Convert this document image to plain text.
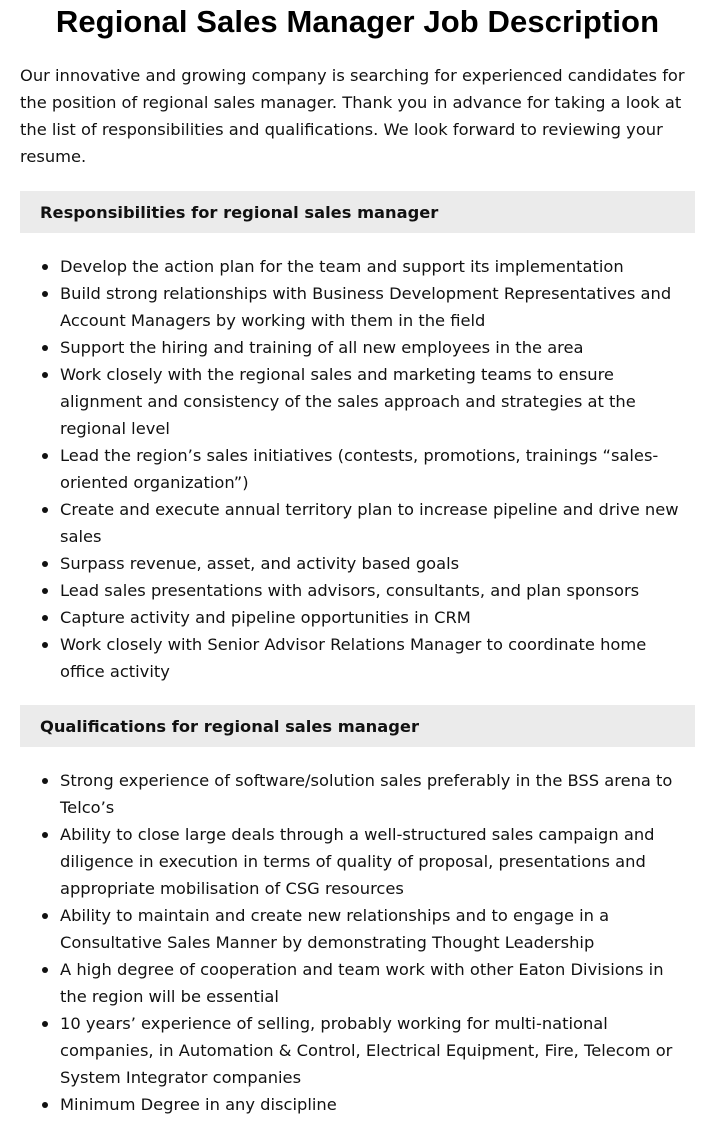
Regional Sales Manager Job Description

Our innovative and growing company is searching for experienced candidates for the position of regional sales manager. Thank you in advance for taking a look at the list of responsibilities and qualifications. We look forward to reviewing your resume.

Responsibilities for regional sales manager
Develop the action plan for the team and support its implementation
Build strong relationships with Business Development Representatives and Account Managers by working with them in the field
Support the hiring and training of all new employees in the area
Work closely with the regional sales and marketing teams to ensure alignment and consistency of the sales approach and strategies at the regional level
Lead the region’s sales initiatives (contests, promotions, trainings “sales-oriented organization”)
Create and execute annual territory plan to increase pipeline and drive new sales
Surpass revenue, asset, and activity based goals
Lead sales presentations with advisors, consultants, and plan sponsors
Capture activity and pipeline opportunities in CRM
Work closely with Senior Advisor Relations Manager to coordinate home office activity
Qualifications for regional sales manager
Strong experience of software/solution sales preferably in the BSS arena to Telco’s
Ability to close large deals through a well-structured sales campaign and diligence in execution in terms of quality of proposal, presentations and appropriate mobilisation of CSG resources
Ability to maintain and create new relationships and to engage in a Consultative Sales Manner by demonstrating Thought Leadership
A high degree of cooperation and team work with other Eaton Divisions in the region will be essential
10 years’ experience of selling, probably working for multi-national companies, in Automation & Control, Electrical Equipment, Fire, Telecom or System Integrator companies
Minimum Degree in any discipline
